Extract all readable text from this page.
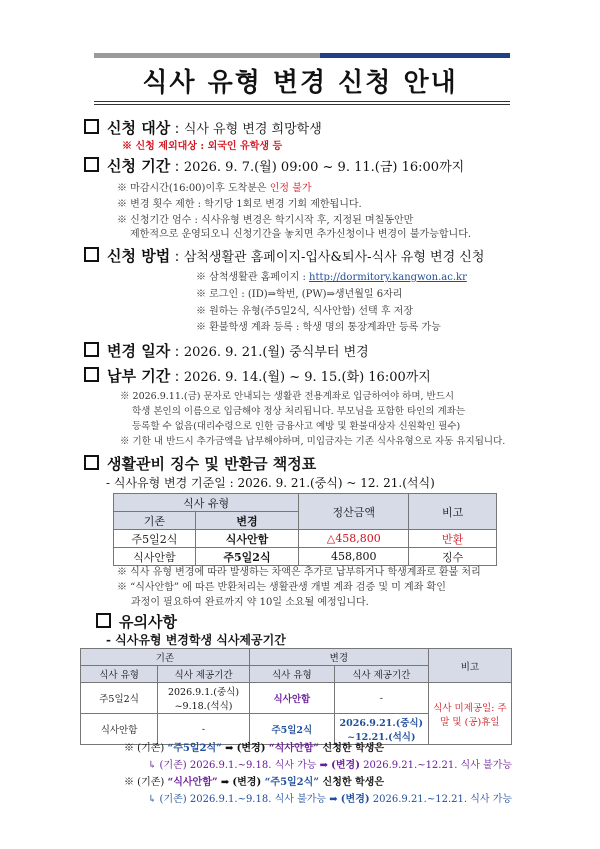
식사 유형 변경 신청 안내
신청 대상 : 식사 유형 변경 희망학생
※ 신청 제외대상 : 외국인 유학생 등
신청 기간 : 2026. 9. 7.(월) 09:00 ~ 9. 11.(금) 16:00까지
※ 마감시간(16:00)이후 도착분은 인정 불가
※ 변경 횟수 제한 : 학기당 1회로 변경 기회 제한됩니다.
※ 신청기간 엄수 : 식사유형 변경은 학기시작 후, 지정된 며칠동안만
제한적으로 운영되오니 신청기간을 놓치면 추가신청이나 변경이 불가능합니다.
신청 방법 : 삼척생활관 홈페이지-입사&퇴사-식사 유형 변경 신청
※ 삼척생활관 홈페이지 : http://dormitory.kangwon.ac.kr
※ 로그인 : (ID)⇒학번, (PW)⇒생년월일 6자리
※ 원하는 유형(주5일2식, 식사안함) 선택 후 저장
※ 환불학생 계좌 등록 : 학생 명의 통장계좌만 등록 가능
변경 일자 : 2026. 9. 21.(월) 중식부터 변경
납부 기간 : 2026. 9. 14.(월) ~ 9. 15.(화) 16:00까지
※ 2026.9.11.(금) 문자로 안내되는 생활관 전용계좌로 입금하여야 하며, 반드시
학생 본인의 이름으로 입금해야 정상 처리됩니다. 부모님을 포함한 타인의 계좌는
등록할 수 없음(대리수령으로 인한 금융사고 예방 및 환불대상자 신원확인 필수)
※ 기한 내 반드시 추가금액을 납부해야하며, 미입금자는 기존 식사유형으로 자동 유지됩니다.
생활관비 징수 및 반환금 책정표
- 식사유형 변경 기준일 : 2026. 9. 21.(중식) ~ 12. 21.(석식)
식사 유형		정산금액	비고
기존	변경		
주5일2식	식사안함	△458,800	반환
식사안함	주5일2식	458,800	징수
※ 식사 유형 변경에 따라 발생하는 차액은 추가로 납부하거나 학생계좌로 환불 처리
※ “식사안함” 에 따른 반환처리는 생활관생 개별 계좌 검증 및 미 계좌 확인
과정이 필요하여 완료까지 약 10일 소요될 예정입니다.
유의사항
- 식사유형 변경학생 식사제공기간
기존		변경		비고
식사 유형	식사 제공기간	식사 유형	식사 제공기간	
주5일2식	2026.9.1.(중식) ~9.18.(석식)	식사안함	-	식사 미제공일: 주말 및 (공)휴일
식사안함	-	주5일2식	2026.9.21.(중식) ~12.21.(석식)	
※ (기존) “주5일2식” ➡ (변경) “식사안함” 신청한 학생은
↳ (기존) 2026.9.1.~9.18. 식사 가능 ➡ (변경) 2026.9.21.~12.21. 식사 불가능
※ (기존) “식사안함” ➡ (변경) “주5일2식” 신청한 학생은
↳ (기존) 2026.9.1.~9.18. 식사 불가능 ➡ (변경) 2026.9.21.~12.21. 식사 가능
